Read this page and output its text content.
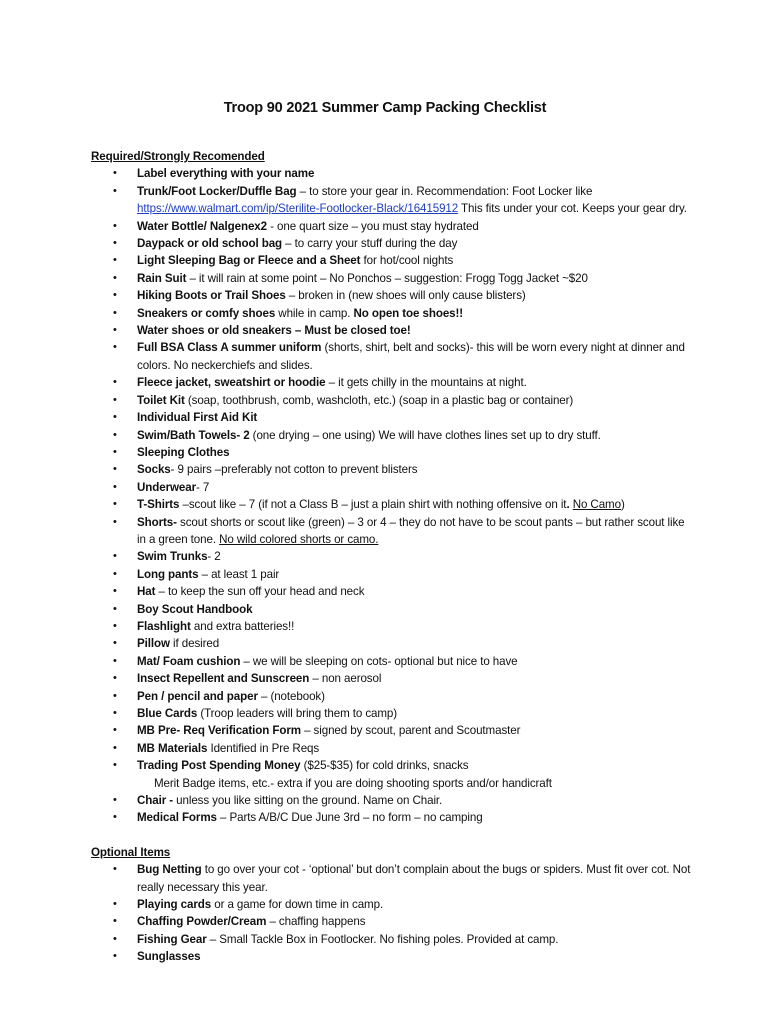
Troop 90 2021 Summer Camp Packing Checklist
Required/Strongly Recomended
• Label everything with your name
• Trunk/Foot Locker/Duffle Bag – to store your gear in. Recommendation: Foot Locker like https://www.walmart.com/ip/Sterilite-Footlocker-Black/16415912 This fits under your cot. Keeps your gear dry.
• Water Bottle/ Nalgenex2 - one quart size – you must stay hydrated
• Daypack or old school bag – to carry your stuff during the day
• Light Sleeping Bag or Fleece and a Sheet for hot/cool nights
• Rain Suit – it will rain at some point – No Ponchos – suggestion: Frogg Togg Jacket ~$20
• Hiking Boots or Trail Shoes – broken in (new shoes will only cause blisters)
• Sneakers or comfy shoes while in camp. No open toe shoes!!
• Water shoes or old sneakers – Must be closed toe!
• Full BSA Class A summer uniform (shorts, shirt, belt and socks)- this will be worn every night at dinner and colors. No neckerchiefs and slides.
• Fleece jacket, sweatshirt or hoodie – it gets chilly in the mountains at night.
• Toilet Kit (soap, toothbrush, comb, washcloth, etc.) (soap in a plastic bag or container)
• Individual First Aid Kit
• Swim/Bath Towels- 2 (one drying – one using) We will have clothes lines set up to dry stuff.
• Sleeping Clothes
• Socks- 9 pairs –preferably not cotton to prevent blisters
• Underwear- 7
• T-Shirts –scout like – 7 (if not a Class B – just a plain shirt with nothing offensive on it. No Camo)
• Shorts- scout shorts or scout like (green) – 3 or 4 – they do not have to be scout pants – but rather scout like in a green tone. No wild colored shorts or camo.
• Swim Trunks- 2
• Long pants – at least 1 pair
• Hat – to keep the sun off your head and neck
• Boy Scout Handbook
• Flashlight and extra batteries!!
• Pillow if desired
• Mat/ Foam cushion – we will be sleeping on cots- optional but nice to have
• Insect Repellent and Sunscreen – non aerosol
• Pen / pencil and paper – (notebook)
• Blue Cards (Troop leaders will bring them to camp)
• MB Pre- Req Verification Form – signed by scout, parent and Scoutmaster
• MB Materials Identified in Pre Reqs
• Trading Post Spending Money ($25-$35) for cold drinks, snacks
Merit Badge items, etc.- extra if you are doing shooting sports and/or handicraft
• Chair - unless you like sitting on the ground. Name on Chair.
• Medical Forms – Parts A/B/C Due June 3rd – no form – no camping
Optional Items
• Bug Netting to go over your cot - ‘optional’ but don’t complain about the bugs or spiders. Must fit over cot. Not really necessary this year.
• Playing cards or a game for down time in camp.
• Chaffing Powder/Cream – chaffing happens
• Fishing Gear – Small Tackle Box in Footlocker. No fishing poles. Provided at camp.
• Sunglasses
